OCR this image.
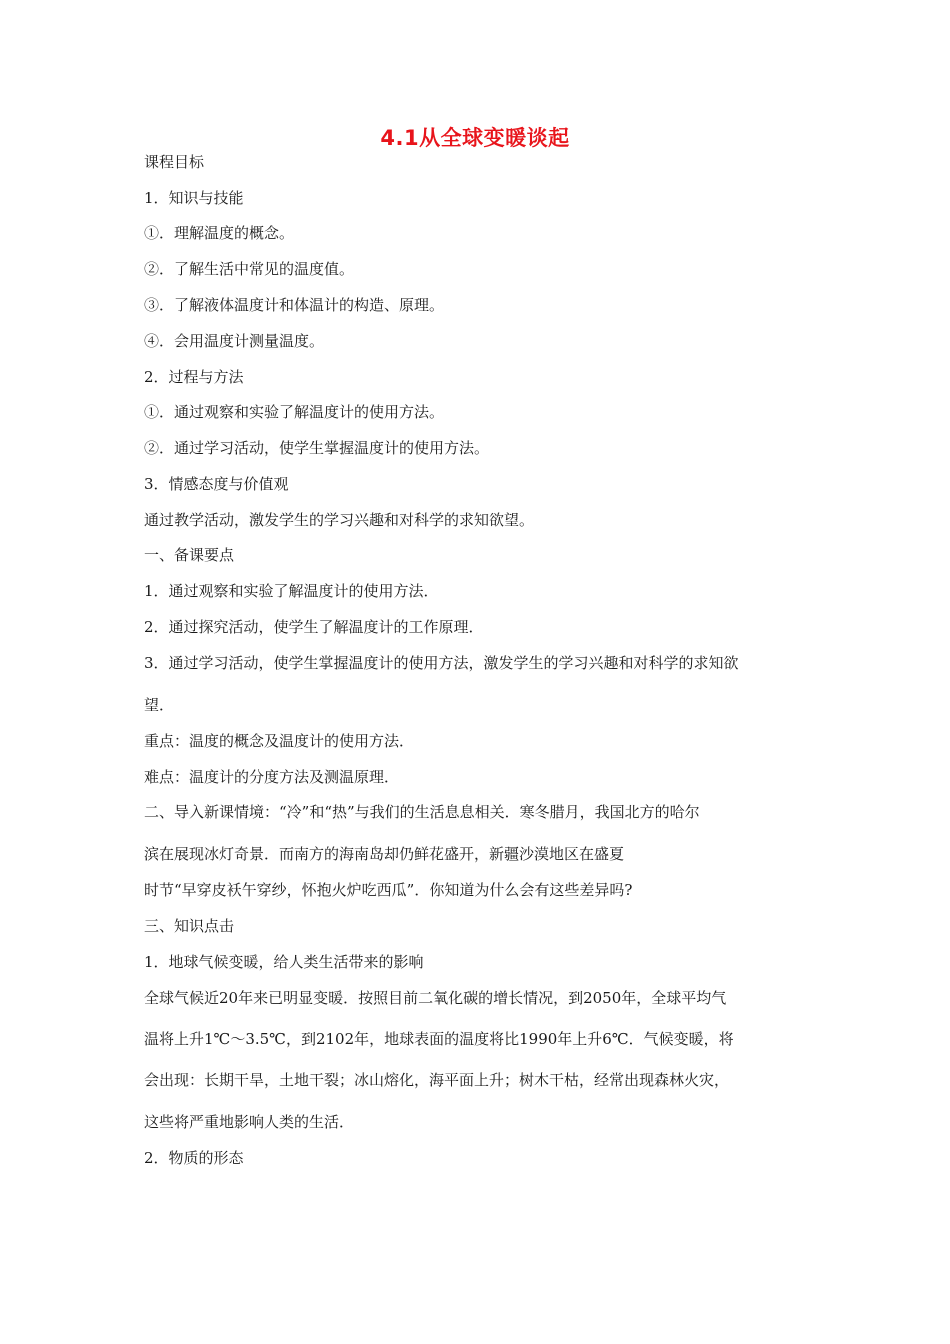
4.1从全球变暖谈起
课程目标
1．知识与技能
①．理解温度的概念。
②．了解生活中常见的温度值。
③．了解液体温度计和体温计的构造、原理。
④．会用温度计测量温度。
2．过程与方法
①．通过观察和实验了解温度计的使用方法。
②．通过学习活动，使学生掌握温度计的使用方法。
3．情感态度与价值观
通过教学活动，激发学生的学习兴趣和对科学的求知欲望。
一、备课要点
1．通过观察和实验了解温度计的使用方法．
2．通过探究活动，使学生了解温度计的工作原理．
3．通过学习活动，使学生掌握温度计的使用方法，激发学生的学习兴趣和对科学的求知欲
望．
重点：温度的概念及温度计的使用方法．
难点：温度计的分度方法及测温原理．
二、导入新课情境：“冷”和“热”与我们的生活息息相关．寒冬腊月，我国北方的哈尔
滨在展现冰灯奇景．而南方的海南岛却仍鲜花盛开，新疆沙漠地区在盛夏
时节“早穿皮袄午穿纱，怀抱火炉吃西瓜”．你知道为什么会有这些差异吗?
三、知识点击
1．地球气候变暖，给人类生活带来的影响
全球气候近20年来已明显变暖．按照目前二氧化碳的增长情况，到2050年，全球平均气
温将上升1℃～3.5℃，到2102年，地球表面的温度将比1990年上升6℃．气候变暖，将
会出现：长期干旱，土地干裂；冰山熔化，海平面上升；树木干枯，经常出现森林火灾，
这些将严重地影响人类的生活．
2．物质的形态
